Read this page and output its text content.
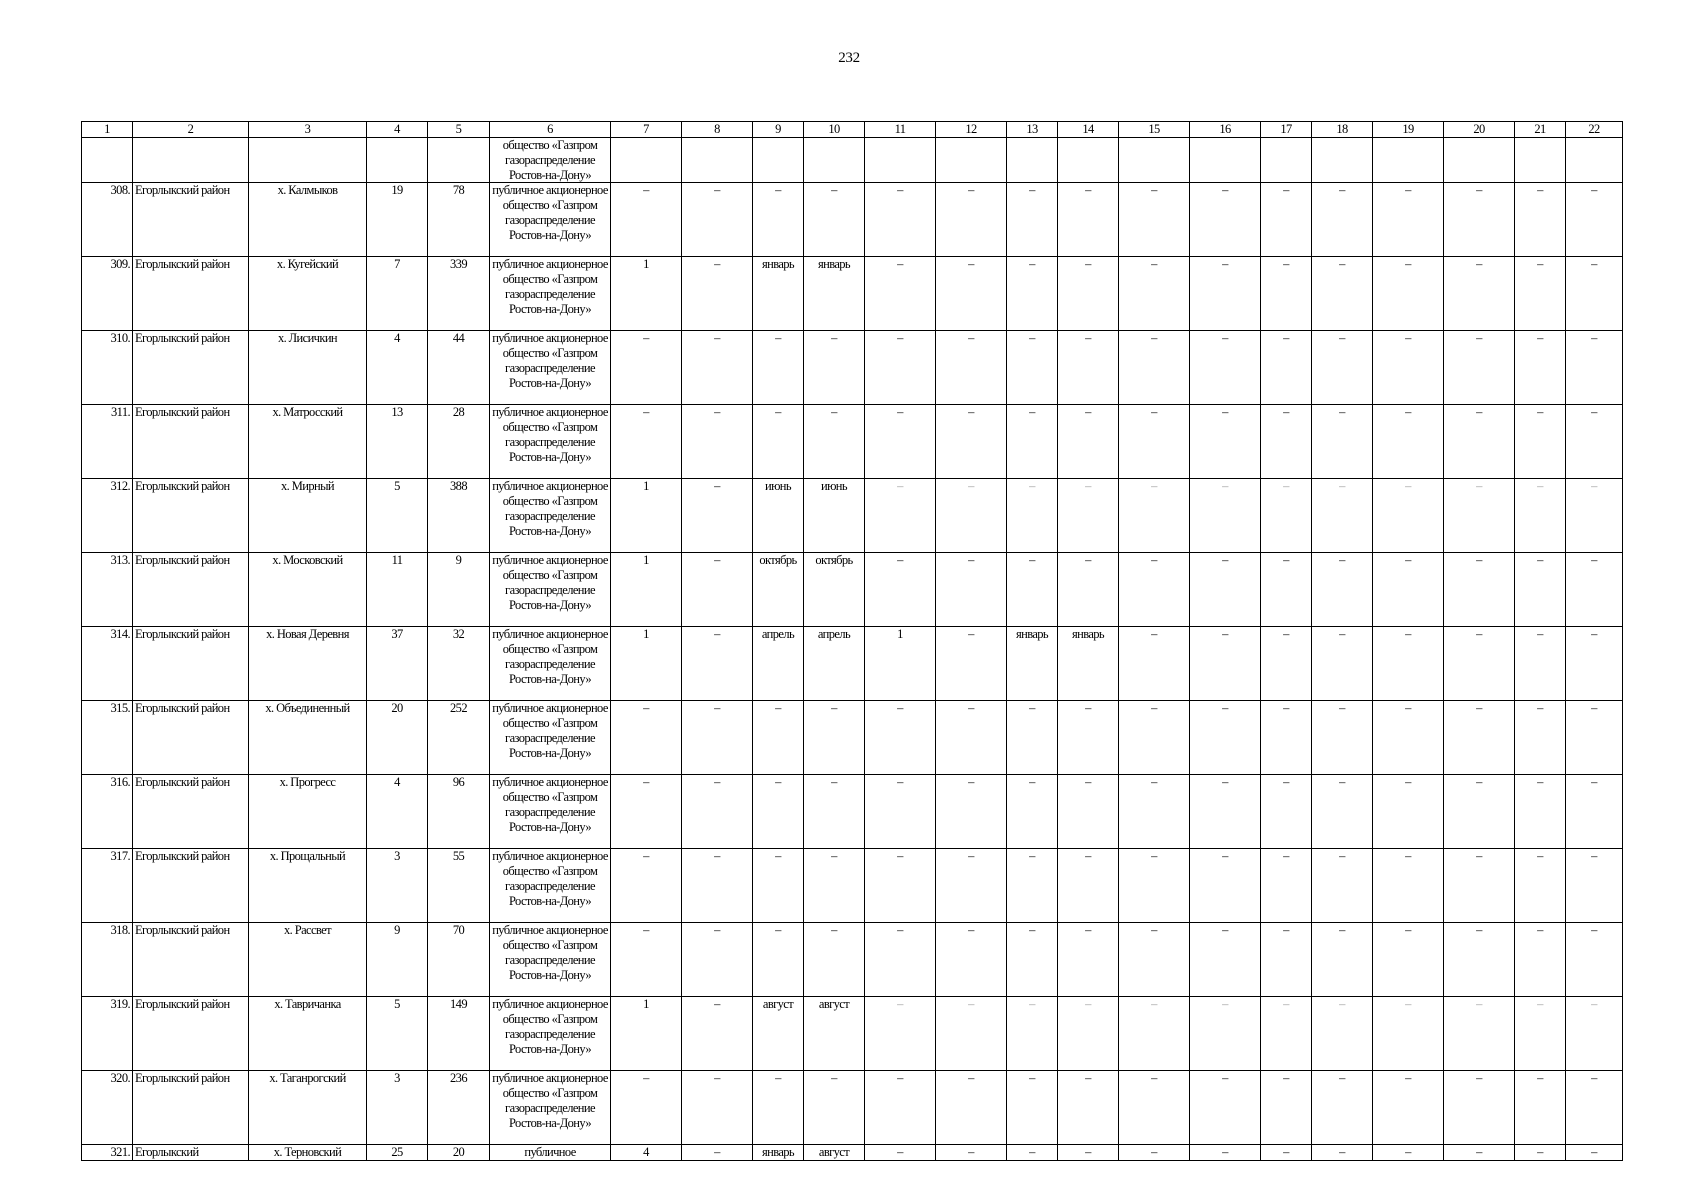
232
1	2	3	4	5	6	7	8	9	10	11	12	13	14	15	16	17	18	19	20	21	22
					общество «Газпром газораспределение Ростов-на-Дону»																
308.	Егорлыкский район	х. Калмыков	19	78	публичное акционерное общество «Газпром газораспределение Ростов-на-Дону»	–	–	–	–	–	–	–	–	–	–	–	–	–	–	–	–
309.	Егорлыкский район	х. Кугейский	7	339	публичное акционерное общество «Газпром газораспределение Ростов-на-Дону»	1	–	январь	январь	–	–	–	–	–	–	–	–	–	–	–	–
310.	Егорлыкский район	х. Лисичкин	4	44	публичное акционерное общество «Газпром газораспределение Ростов-на-Дону»	–	–	–	–	–	–	–	–	–	–	–	–	–	–	–	–
311.	Егорлыкский район	х. Матросский	13	28	публичное акционерное общество «Газпром газораспределение Ростов-на-Дону»	–	–	–	–	–	–	–	–	–	–	–	–	–	–	–	–
312.	Егорлыкский район	х. Мирный	5	388	публичное акционерное общество «Газпром газораспределение Ростов-на-Дону»	1	–	июнь	июнь	–	–	–	–	–	–	–	–	–	–	–	–
313.	Егорлыкский район	х. Московский	11	9	публичное акционерное общество «Газпром газораспределение Ростов-на-Дону»	1	–	октябрь	октябрь	–	–	–	–	–	–	–	–	–	–	–	–
314.	Егорлыкский район	х. Новая Деревня	37	32	публичное акционерное общество «Газпром газораспределение Ростов-на-Дону»	1	–	апрель	апрель	1	–	январь	январь	–	–	–	–	–	–	–	–
315.	Егорлыкский район	х. Объединенный	20	252	публичное акционерное общество «Газпром газораспределение Ростов-на-Дону»	–	–	–	–	–	–	–	–	–	–	–	–	–	–	–	–
316.	Егорлыкский район	х. Прогресс	4	96	публичное акционерное общество «Газпром газораспределение Ростов-на-Дону»	–	–	–	–	–	–	–	–	–	–	–	–	–	–	–	–
317.	Егорлыкский район	х. Прощальный	3	55	публичное акционерное общество «Газпром газораспределение Ростов-на-Дону»	–	–	–	–	–	–	–	–	–	–	–	–	–	–	–	–
318.	Егорлыкский район	х. Рассвет	9	70	публичное акционерное общество «Газпром газораспределение Ростов-на-Дону»	–	–	–	–	–	–	–	–	–	–	–	–	–	–	–	–
319.	Егорлыкский район	х. Тавричанка	5	149	публичное акционерное общество «Газпром газораспределение Ростов-на-Дону»	1	–	август	август	–	–	–	–	–	–	–	–	–	–	–	–
320.	Егорлыкский район	х. Таганрогский	3	236	публичное акционерное общество «Газпром газораспределение Ростов-на-Дону»	–	–	–	–	–	–	–	–	–	–	–	–	–	–	–	–
321.	Егорлыкский	х. Терновский	25	20	публичное	4	–	январь	август	–	–	–	–	–	–	–	–	–	–	–	–
